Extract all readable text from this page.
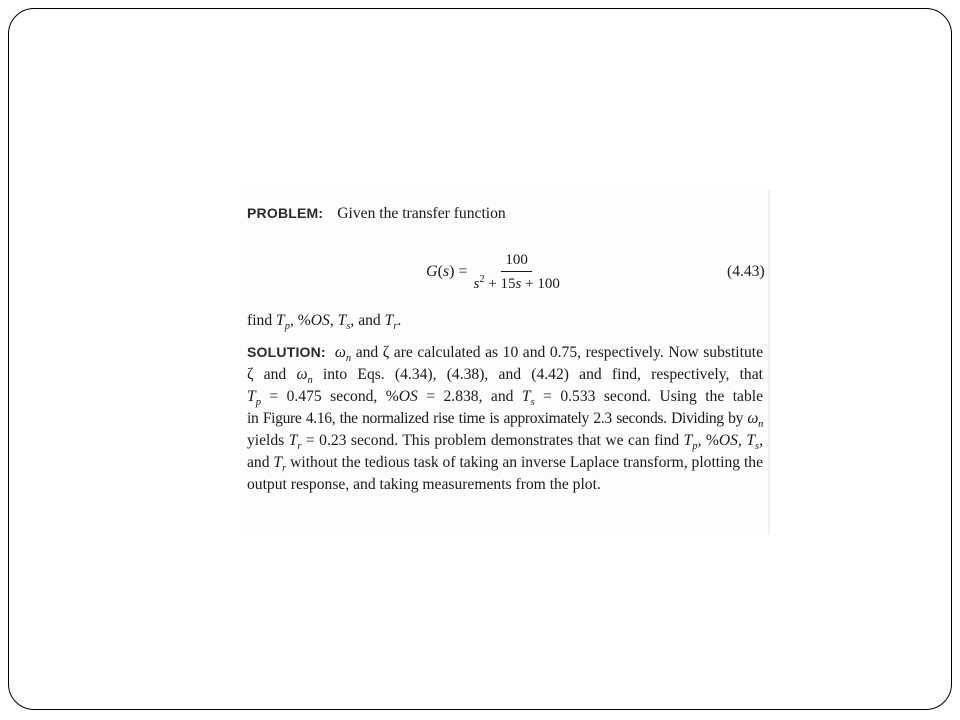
PROBLEM: Given the transfer function
$G(s) = \frac{100}{s^2 + 15s + 100}$	(4.43)
find $T_p$, %OS, $T_s$, and $T_r$.
SOLUTION: $\omega_n$ and ζ are calculated as 10 and 0.75, respectively. Now substitute
ζ and $\omega_n$ into Eqs. (4.34), (4.38), and (4.42) and find, respectively, that
$T_p = 0.475$ second, %OS = 2.838, and $T_s = 0.533$ second. Using the table
in Figure 4.16, the normalized rise time is approximately 2.3 seconds. Dividing by $\omega_n$
yields $T_r = 0.23$ second. This problem demonstrates that we can find $T_p$, %OS, $T_s$,
and $T_r$ without the tedious task of taking an inverse Laplace transform, plotting the
output response, and taking measurements from the plot.
